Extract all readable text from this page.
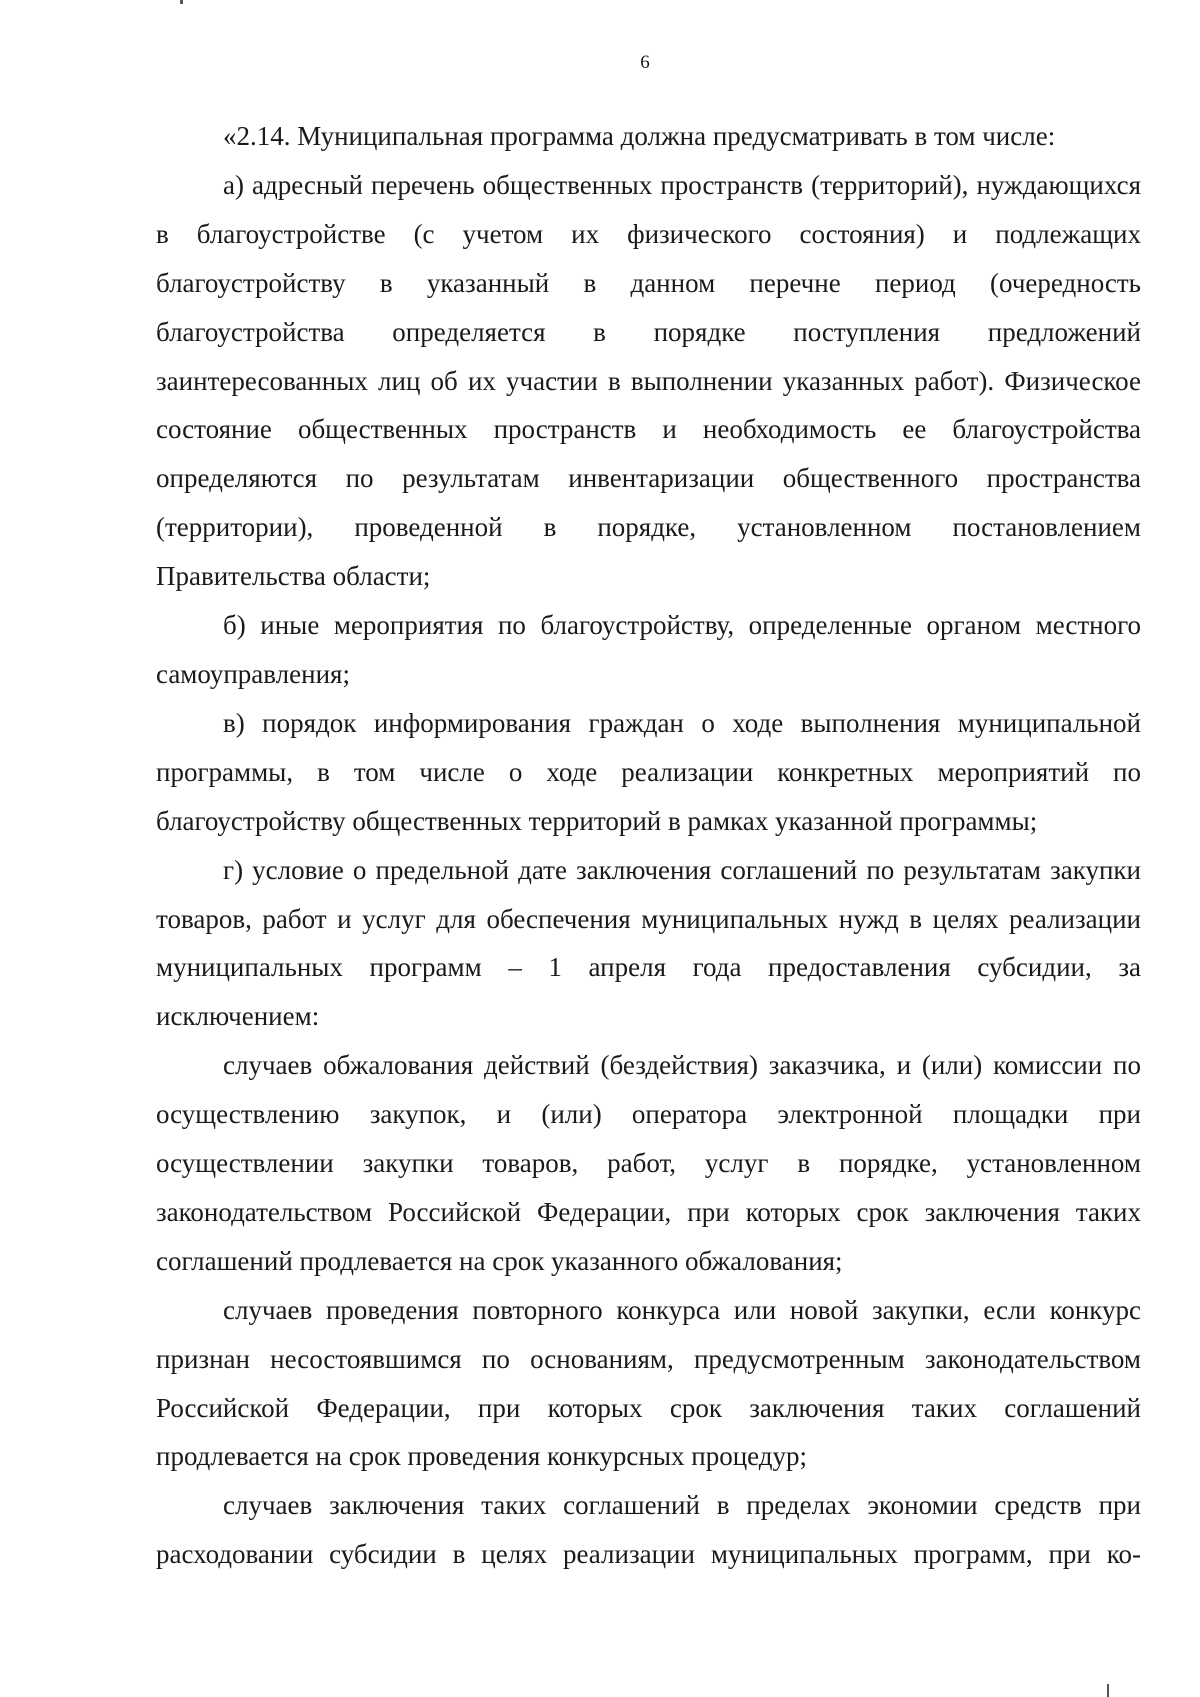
6

«2.14. Муниципальная программа должна предусматривать в том числе:

а) адресный перечень общественных пространств (территорий), нуждающихся в благоустройстве (с учетом их физического состояния) и подлежащих благоустройству в указанный в данном перечне период (очередность благоустройства определяется в порядке поступления предложений заинтересованных лиц об их участии в выполнении указанных работ). Физическое состояние общественных пространств и необходимость ее благоустройства определяются по результатам инвентаризации общественного пространства (территории), проведенной в порядке, установленном постановлением Правительства области;

б) иные мероприятия по благоустройству, определенные органом местного самоуправления;

в) порядок информирования граждан о ходе выполнения муниципальной программы, в том числе о ходе реализации конкретных мероприятий по благоустройству общественных территорий в рамках указанной программы;

г) условие о предельной дате заключения соглашений по результатам закупки товаров, работ и услуг для обеспечения муниципальных нужд в целях реализации муниципальных программ – 1 апреля года предоставления субсидии, за исключением:

случаев обжалования действий (бездействия) заказчика, и (или) комиссии по осуществлению закупок, и (или) оператора электронной площадки при осуществлении закупки товаров, работ, услуг в порядке, установленном законодательством Российской Федерации, при которых срок заключения таких соглашений продлевается на срок указанного обжалования;

случаев проведения повторного конкурса или новой закупки, если конкурс признан несостоявшимся по основаниям, предусмотренным законодательством Российской Федерации, при которых срок заключения таких соглашений продлевается на срок проведения конкурсных процедур;

случаев заключения таких соглашений в пределах экономии средств при расходовании субсидии в целях реализации муниципальных программ, при ко-
